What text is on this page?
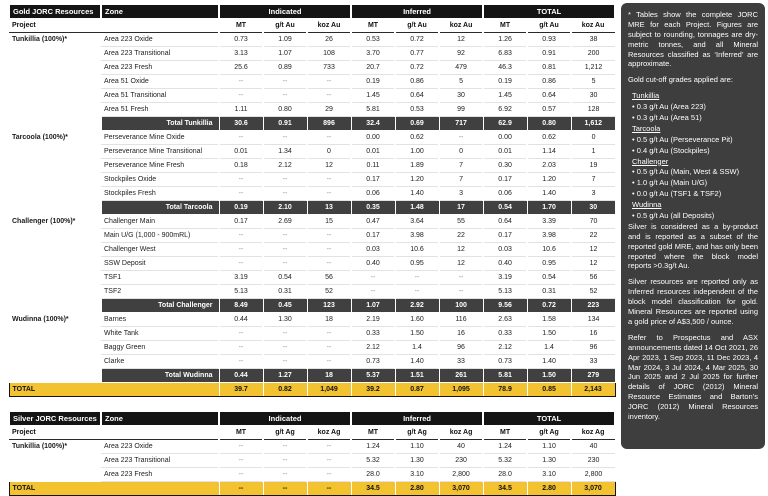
Gold JORC Resources	Zone	Indicated			Inferred			TOTAL		
Project		MT	g/t Au	koz Au	MT	g/t Au	koz Au	MT	g/t Au	koz Au
Tunkillia (100%)*	Area 223 Oxide	0.73	1.09	26	0.53	0.72	12	1.26	0.93	38
	Area 223 Transitional	3.13	1.07	108	3.70	0.77	92	6.83	0.91	200
	Area 223 Fresh	25.6	0.89	733	20.7	0.72	479	46.3	0.81	1,212
	Area 51 Oxide	--	--	--	0.19	0.86	5	0.19	0.86	5
	Area 51 Transitional	--	--	--	1.45	0.64	30	1.45	0.64	30
	Area 51 Fresh	1.11	0.80	29	5.81	0.53	99	6.92	0.57	128
	Total Tunkillia	30.6	0.91	896	32.4	0.69	717	62.9	0.80	1,612
Tarcoola (100%)*	Perseverance Mine Oxide	--	--	--	0.00	0.62	--	0.00	0.62	0
	Perseverance Mine Transitional	0.01	1.34	0	0.01	1.00	0	0.01	1.14	1
	Perseverance Mine Fresh	0.18	2.12	12	0.11	1.89	7	0.30	2.03	19
	Stockpiles Oxide	--	--	--	0.17	1.20	7	0.17	1.20	7
	Stockpiles Fresh	--	--	--	0.06	1.40	3	0.06	1.40	3
	Total Tarcoola	0.19	2.10	13	0.35	1.48	17	0.54	1.70	30
Challenger (100%)*	Challenger Main	0.17	2.69	15	0.47	3.64	55	0.64	3.39	70
	Main U/G (1,000 - 900mRL)	--	--	--	0.17	3.98	22	0.17	3.98	22
	Challenger West	--	--	--	0.03	10.6	12	0.03	10.6	12
	SSW Deposit	--	--	--	0.40	0.95	12	0.40	0.95	12
	TSF1	3.19	0.54	56	--	--	--	3.19	0.54	56
	TSF2	5.13	0.31	52	--	--	--	5.13	0.31	52
	Total Challenger	8.49	0.45	123	1.07	2.92	100	9.56	0.72	223
Wudinna (100%)*	Barnes	0.44	1.30	18	2.19	1.60	116	2.63	1.58	134
	White Tank	--	--	--	0.33	1.50	16	0.33	1.50	16
	Baggy Green	--	--	--	2.12	1.4	96	2.12	1.4	96
	Clarke	--	--	--	0.73	1.40	33	0.73	1.40	33
	Total Wudinna	0.44	1.27	18	5.37	1.51	261	5.81	1.50	279
TOTAL		39.7	0.82	1,049	39.2	0.87	1,095	78.9	0.85	2,143
Silver JORC Resources	Zone	Indicated			Inferred			TOTAL		
Project		MT	g/t Ag	koz Ag	MT	g/t Ag	koz Ag	MT	g/t Ag	koz Ag
Tunkillia (100%)*	Area 223 Oxide	--	--	--	1.24	1.10	40	1.24	1.10	40
	Area 223 Transitional	--	--	--	5.32	1.30	230	5.32	1.30	230
	Area 223 Fresh	--	--	--	28.0	3.10	2,800	28.0	3.10	2,800
TOTAL		--	--	--	34.5	2.80	3,070	34.5	2.80	3,070
* Tables show the complete JORC MRE for each Project. Figures are subject to rounding, tonnages are dry-metric tonnes, and all Mineral Resources classified as ‘Inferred’ are approximate.
Gold cut-off grades applied are:
Tunkillia
• 0.3 g/t Au (Area 223)
• 0.3 g/t Au (Area 51)
Tarcoola
• 0.5 g/t Au (Perseverance Pit)
• 0.4 g/t Au (Stockpiles)
Challenger
• 0.5 g/t Au (Main, West & SSW)
• 1.0 g/t Au (Main U/G)
• 0.0 g/t Au (TSF1 & TSF2)
Wudinna
• 0.5 g/t Au (all Deposits)
Silver is considered as a by-product and is reported as a subset of the reported gold MRE, and has only been reported where the block model reports >0.3g/t Au.
Silver resources are reported only as Inferred resources independent of the block model classification for gold. Mineral Resources are reported using a gold price of A$3,500 / ounce.
Refer to Prospectus and ASX announcements dated 14 Oct 2021, 26 Apr 2023, 1 Sep 2023, 11 Dec 2023, 4 Mar 2024, 3 Jul 2024, 4 Mar 2025, 30 Jun 2025 and 2 Jul 2025 for further details of JORC (2012) Mineral Resource Estimates and Barton’s JORC (2012) Mineral Resources inventory.
